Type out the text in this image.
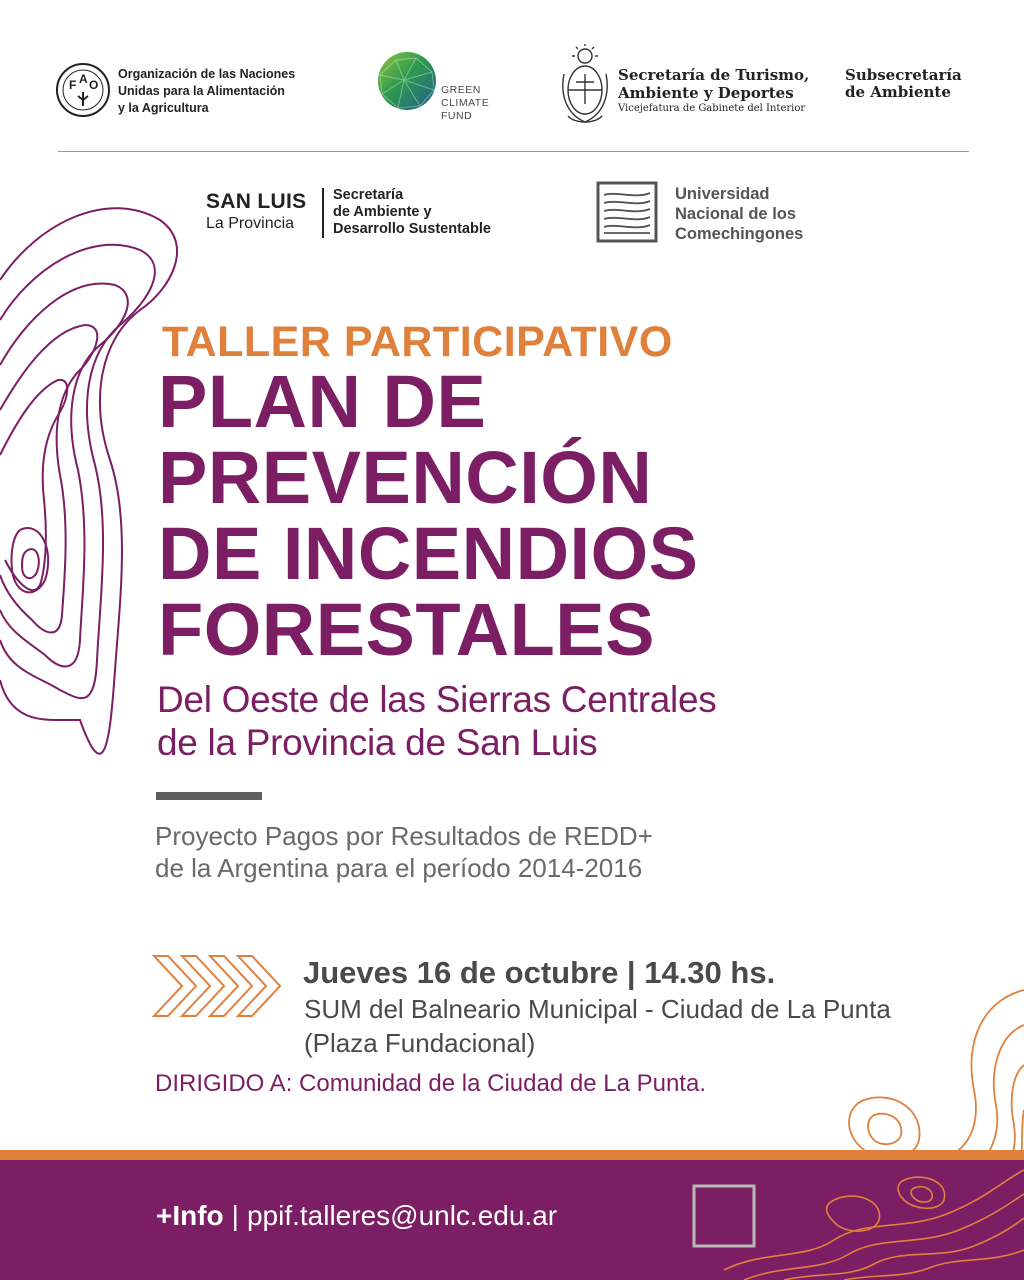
F A O
Organización de las Naciones
Unidas para la Alimentación
y la Agricultura
GREEN
CLIMATE
FUND
Secretaría de Turismo,
Ambiente y Deportes
Vicejefatura de Gabinete del Interior
Subsecretaría
de Ambiente
SAN LUIS
La Provincia
Secretaría
de Ambiente y
Desarrollo Sustentable
Universidad
Nacional de los
Comechingones
TALLER PARTICIPATIVO
PLAN DE
PREVENCIÓN
DE INCENDIOS
FORESTALES
Del Oeste de las Sierras Centrales
de la Provincia de San Luis
Proyecto Pagos por Resultados de REDD+
de la Argentina para el período 2014-2016
Jueves 16 de octubre | 14.30 hs.
SUM del Balneario Municipal - Ciudad de La Punta
(Plaza Fundacional)
DIRIGIDO A: Comunidad de la Ciudad de La Punta.
+Info | ppif.talleres@unlc.edu.ar
